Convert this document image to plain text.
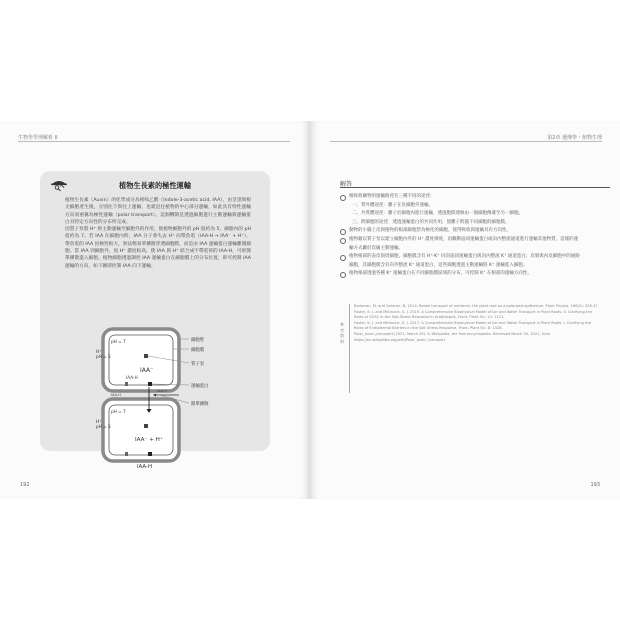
生物學學理解析 II
植物生長素的極性運輸

植物生長素（Auxin）的化學成分為吲哚乙酸（Indole-3-acetic acid, IAA），由莖頂與根尖細胞產生後，分別往下與往上運輸，也就是往植物的中心部分運輸，如此具有特性運輸方向而重稱為極性運輸（polar transport）。這個機制是透過細胞進行主動運輸與運輸蛋白具特定方向性的分布所完成。

因質子泵將 H⁺ 經主動運輸至細胞外的作用，使植物細胞外的 pH 值約為 5，細胞內的 pH 值約為 7。若 IAA 在細胞內時，IAA 分子會失去 H⁺ 而帶負電（IAA-H → IAA⁻ + H⁺），帶負電的 IAA 因極性較大，無法輕易單擴散穿透細胞膜，而是由 IAA 運輸蛋白運輸離開細胞。當 IAA 到細胞外，因 H⁺ 濃度較高，使 IAA 與 H⁺ 結合成不帶電荷的 IAA-H，可經簡單擴散進入細胞。植物細胞透過調控 IAA 運輸蛋白在細胞膜上的分布位置，即可控制 IAA 運輸的方向，如下圖即控制 IAA 向下運輸。

192
第2章 遺傳學・植物生理
解答
根吸收礦物的運輸路徑有三種不同的途徑：
一、質外體途徑：離子在於細胞外運輸。
二、共質體途徑：離子於細胞內進行運輸，透過胞間連絲由一個細胞傳遞至另一細胞。
三、跨細胞的途徑：透過運輸蛋白的共同作用，使離子跨越不同細胞的細胞膜。
動物的小腸上皮與植物的根部細胞皆為極化的細胞，使得吸收與運輸具有方向性。
植物藉以質子泵以建立細胞內外的 H⁺ 濃度梯度，再驅動協同運輸蛋白或向內整流通道進行運輸其他物質，這樣的運輸方式屬於次級主動運輸。
植物根部的表皮與周細胞，細胞膜含有 H⁺-K⁺ 同向協同運輸蛋白與向內整流 K⁺ 通道蛋白；皮層與內皮細胞中的通路細胞，其細胞膜含有向外整流 K⁺ 通道蛋白，這些細胞透過主動運輸將 K⁺ 運輸進入細胞。
植物根部透過各種 K⁺ 運輸蛋白在不同細胞膜區域的分布，可控制 K⁺ 在根部的運輸方向性。
參考資料

Barberon, M. and Geldner, N. 2014. Radial transport of nutrients: the plant root as a polarized epithelium. Plant Physiol. 166(2): 528-37.

Foster, K. J. and Miklavcic, S. J. 2019. A Comprehensive Biophysical Model of Ion and Water Transport in Plant Roots. II. Clarifying the Roles of SOS1 in the Salt-Stress Response in Arabidopsis. Front. Plant Sci. 10: 1121.

Foster, K. J. and Miklavcic, S. J. 2017. A Comprehensive Biophysical Model of Ion and Water Transport in Plant Roots. I. Clarifying the Roles of Endodermal Barriers in the Salt Stress Response. Front. Plant Sci. 8: 1326.

Polar_auxin_transport.(2021, March 29). In Wikipedia, the free encyclopedia. Retrieved March 30, 2021, from https://en.wikipedia.org/wiki/Polar_auxin_transport

193
細胞壁
細胞膜
質子泵
運輸蛋白
簡單擴散
pH = 7
pH = 5
H⁺
IAA⁻
IAA-H
IAA-H
IAA-H
pH = 7
pH = 5
H⁺
IAA⁻ + H⁺
IAA-H
